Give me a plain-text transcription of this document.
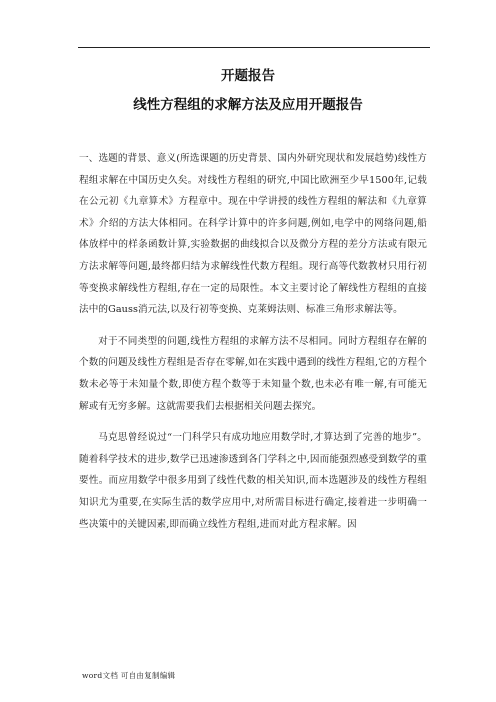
开题报告
线性方程组的求解方法及应用开题报告

一、选题的背景、意义(所选课题的历史背景、国内外研究现状和发展趋势)线性方程组求解在中国历史久矣。对线性方程组的研究,中国比欧洲至少早1500年,记载在公元初《九章算术》方程章中。现在中学讲授的线性方程组的解法和《九章算术》介绍的方法大体相同。在科学计算中的许多问题,例如,电学中的网络问题,船体放样中的样条函数计算,实验数据的曲线拟合以及微分方程的差分方法或有限元方法求解等问题,最终都归结为求解线性代数方程组。现行高等代数教材只用行初等变换求解线性方程组,存在一定的局限性。本文主要讨论了解线性方程组的直接法中的Gauss消元法,以及行初等变换、克莱姆法则、标准三角形求解法等。

对于不同类型的问题,线性方程组的求解方法不尽相同。同时方程组存在解的个数的问题及线性方程组是否存在零解,如在实践中遇到的线性方程组,它的方程个数未必等于未知量个数,即使方程个数等于未知量个数,也未必有唯一解,有可能无解或有无穷多解。这就需要我们去根据相关问题去探究。

马克思曾经说过“一门科学只有成功地应用数学时,才算达到了完善的地步”。随着科学技术的进步,数学已迅速渗透到各门学科之中,因而能强烈感受到数学的重要性。而应用数学中很多用到了线性代数的相关知识,而本选题涉及的线性方程组知识尤为重要,在实际生活的数学应用中,对所需目标进行确定,接着进一步明确一些决策中的关键因素,即而确立线性方程组,进而对此方程求解。因

word文档 可自由复制编辑
